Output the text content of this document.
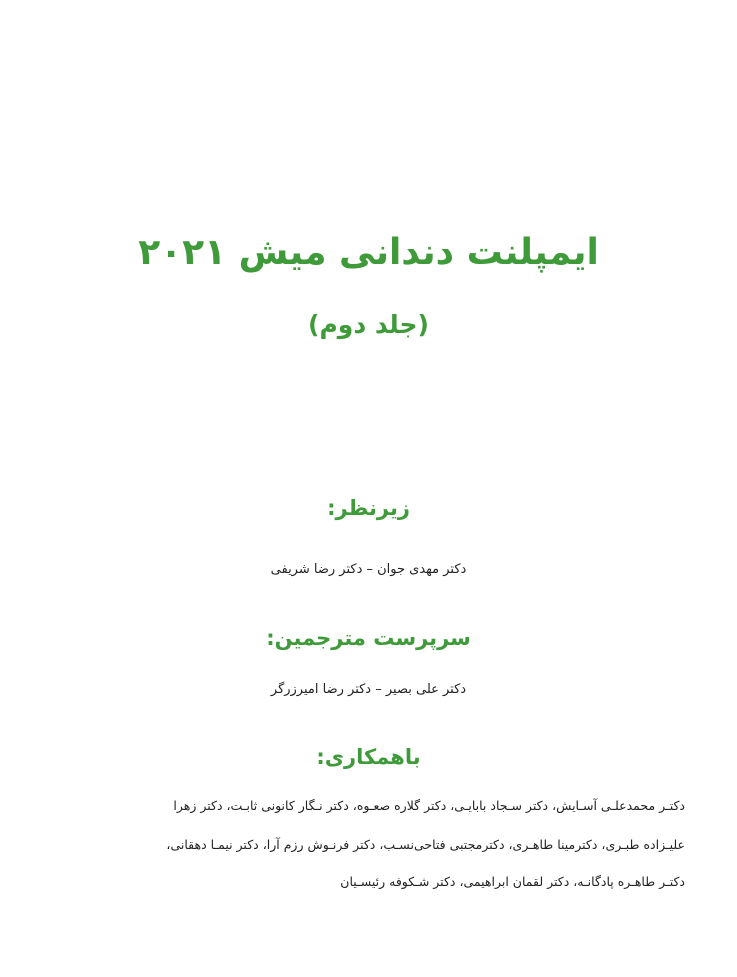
ایمپلنت دندانی میش ۲۰۲۱
(جلد دوم)
زیرنظر:
دکتر مهدی جوان – دکتر رضا شریفی
سرپرست مترجمین:
دکتر علی بصیر – دکتر رضا امیرزرگر
باهمکاری:
دکتـر محمدعلـی آسـایش، دکتر سـجاد بابایـی، دکتر گلاره صعـوه، دکتر نـگار کانونی ثابـت، دکتر زهرا
علیـزاده طبـری، دکترمینا طاهـری، دکترمجتبی فتاحی‌نسـب، دکتر فرنـوش رزم آرا، دکتر نیمـا دهقانی،
دکتـر طاهـره پادگانـه، دکتر لقمان ابراهیمی، دکتر شـکوفه رئیسـیان
